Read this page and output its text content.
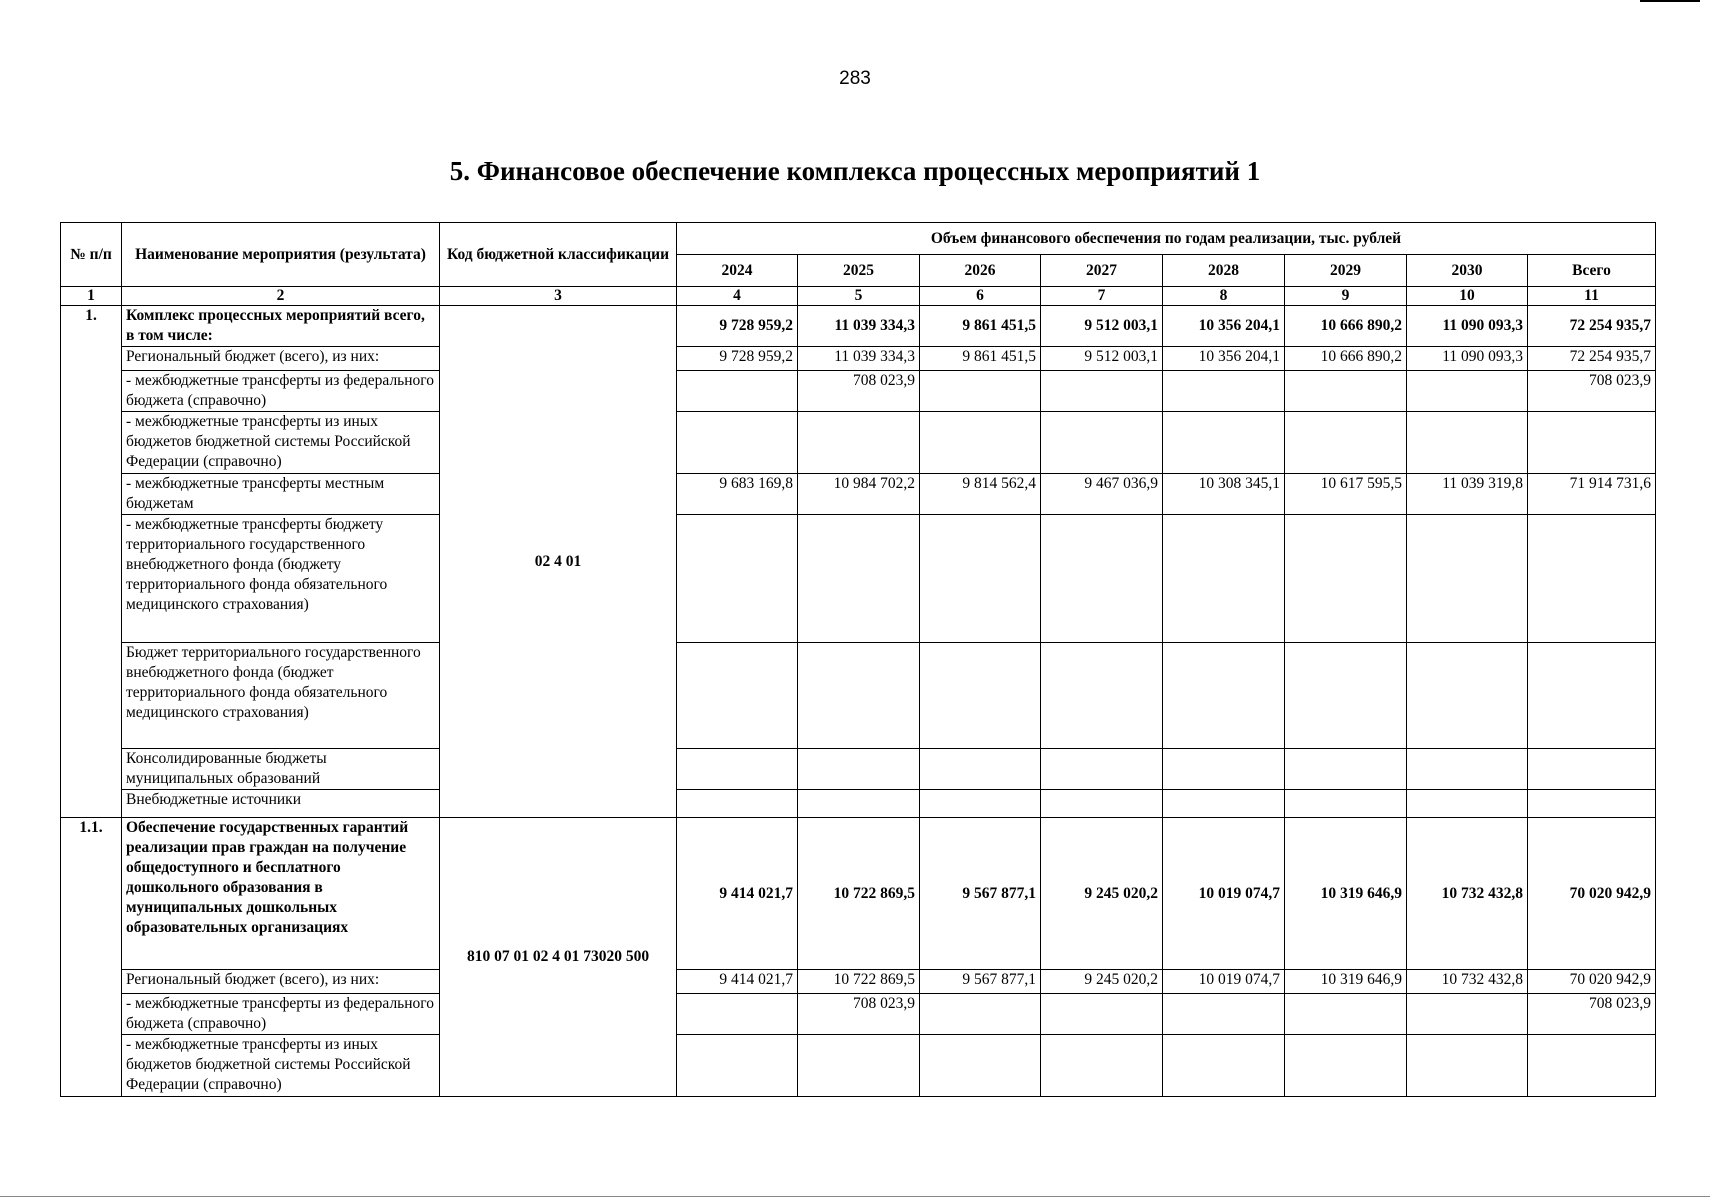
283
5. Финансовое обеспечение комплекса процессных мероприятий 1
№ п/п	Наименование мероприятия (результата)	Код бюджетной классификации	Объем финансового обеспечения по годам реализации, тыс. рублей							
			2024	2025	2026	2027	2028	2029	2030	Всего
1	2	3	4	5	6	7	8	9	10	11
1.	Комплекс процессных мероприятий всего, в том числе:	02 4 01	9 728 959,2	11 039 334,3	9 861 451,5	9 512 003,1	10 356 204,1	10 666 890,2	11 090 093,3	72 254 935,7
	Региональный бюджет (всего), из них:		9 728 959,2	11 039 334,3	9 861 451,5	9 512 003,1	10 356 204,1	10 666 890,2	11 090 093,3	72 254 935,7
	- межбюджетные трансферты из федерального бюджета (справочно)			708 023,9						708 023,9
	- межбюджетные трансферты из иных бюджетов бюджетной системы Российской Федерации (справочно)									
	- межбюджетные трансферты местным бюджетам		9 683 169,8	10 984 702,2	9 814 562,4	9 467 036,9	10 308 345,1	10 617 595,5	11 039 319,8	71 914 731,6
	- межбюджетные трансферты бюджету территориального государственного внебюджетного фонда (бюджету территориального фонда обязательного медицинского страхования)									
	Бюджет территориального государственного внебюджетного фонда (бюджет территориального фонда обязательного медицинского страхования)									
	Консолидированные бюджеты муниципальных образований									
	Внебюджетные источники									
1.1.	Обеспечение государственных гарантий реализации прав граждан на получение общедоступного и бесплатного дошкольного образования в муниципальных дошкольных образовательных организациях	810 07 01 02 4 01 73020 500	9 414 021,7	10 722 869,5	9 567 877,1	9 245 020,2	10 019 074,7	10 319 646,9	10 732 432,8	70 020 942,9
	Региональный бюджет (всего), из них:		9 414 021,7	10 722 869,5	9 567 877,1	9 245 020,2	10 019 074,7	10 319 646,9	10 732 432,8	70 020 942,9
	- межбюджетные трансферты из федерального бюджета (справочно)			708 023,9						708 023,9
	- межбюджетные трансферты из иных бюджетов бюджетной системы Российской Федерации (справочно)									
